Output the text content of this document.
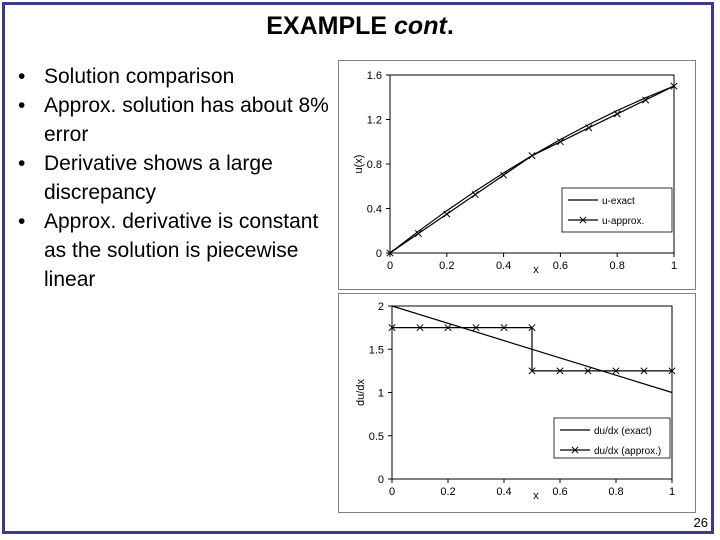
EXAMPLE cont.
• Solution comparison
• Approx. solution has about 8% error
• Derivative shows a large discrepancy
• Approx. derivative is constant as the solution is piecewise linear
0
0.4
0.8
1.2
1.6
0	0.2	0.4	0.6	0.8	1
x
u(x)
u-exact
u-approx.
0
0.5
1
1.5
2
0	0.2	0.4	0.6	0.8	1
x
du/dx
du/dx (exact)
du/dx (approx.)
26
